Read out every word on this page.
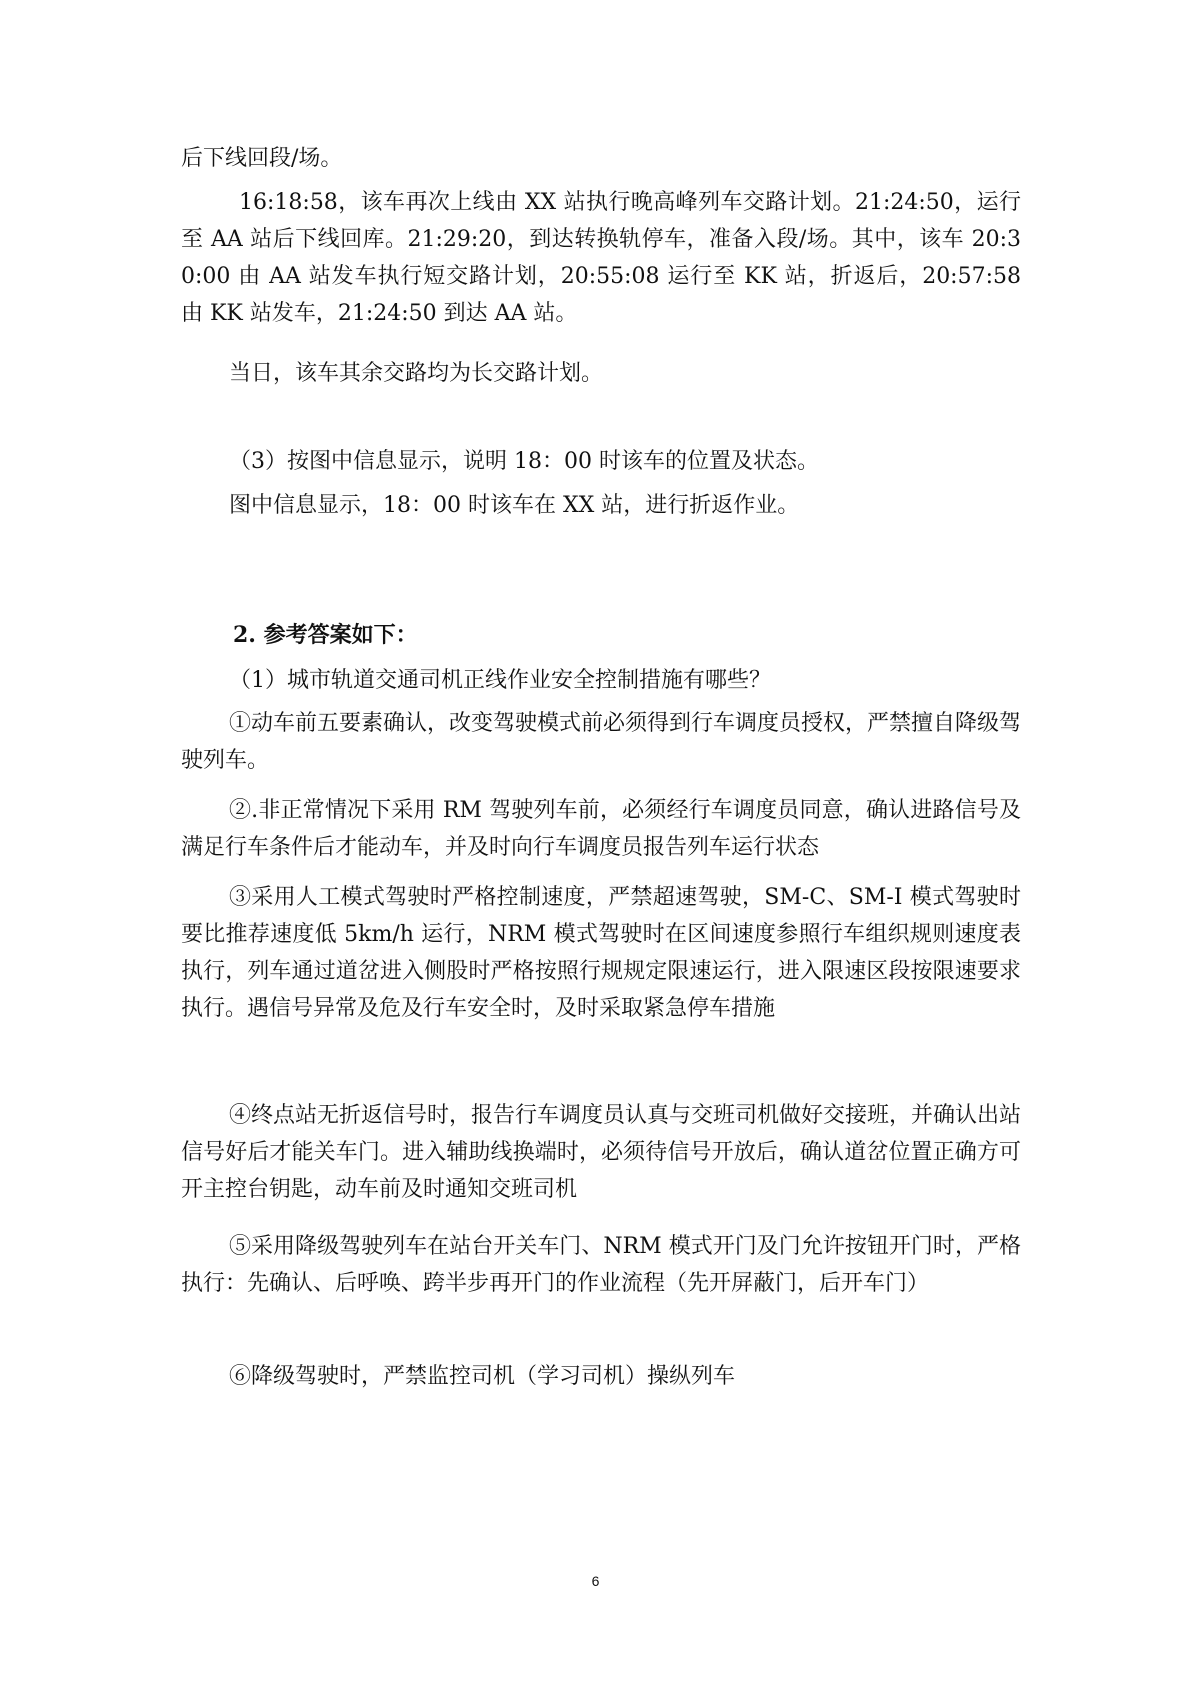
后下线回段/场。

16:18:58，该车再次上线由 XX 站执行晚高峰列车交路计划。21:24:50，运行至 AA 站后下线回库。21:29:20，到达转换轨停车，准备入段/场。其中，该车 20:30:00 由 AA 站发车执行短交路计划，20:55:08 运行至 KK 站，折返后，20:57:58 由 KK 站发车，21:24:50 到达 AA 站。

当日，该车其余交路均为长交路计划。

（3）按图中信息显示，说明 18：00 时该车的位置及状态。

图中信息显示，18：00 时该车在 XX 站，进行折返作业。

2. 参考答案如下：

（1）城市轨道交通司机正线作业安全控制措施有哪些？

①动车前五要素确认，改变驾驶模式前必须得到行车调度员授权，严禁擅自降级驾驶列车。

②.非正常情况下采用 RM 驾驶列车前，必须经行车调度员同意，确认进路信号及满足行车条件后才能动车，并及时向行车调度员报告列车运行状态

③采用人工模式驾驶时严格控制速度，严禁超速驾驶，SM-C、SM-I 模式驾驶时要比推荐速度低 5km/h 运行，NRM 模式驾驶时在区间速度参照行车组织规则速度表执行，列车通过道岔进入侧股时严格按照行规规定限速运行，进入限速区段按限速要求执行。遇信号异常及危及行车安全时，及时采取紧急停车措施

④终点站无折返信号时，报告行车调度员认真与交班司机做好交接班，并确认出站信号好后才能关车门。进入辅助线换端时，必须待信号开放后，确认道岔位置正确方可开主控台钥匙，动车前及时通知交班司机

⑤采用降级驾驶列车在站台开关车门、NRM 模式开门及门允许按钮开门时，严格执行：先确认、后呼唤、跨半步再开门的作业流程（先开屏蔽门，后开车门）

⑥降级驾驶时，严禁监控司机（学习司机）操纵列车

6
